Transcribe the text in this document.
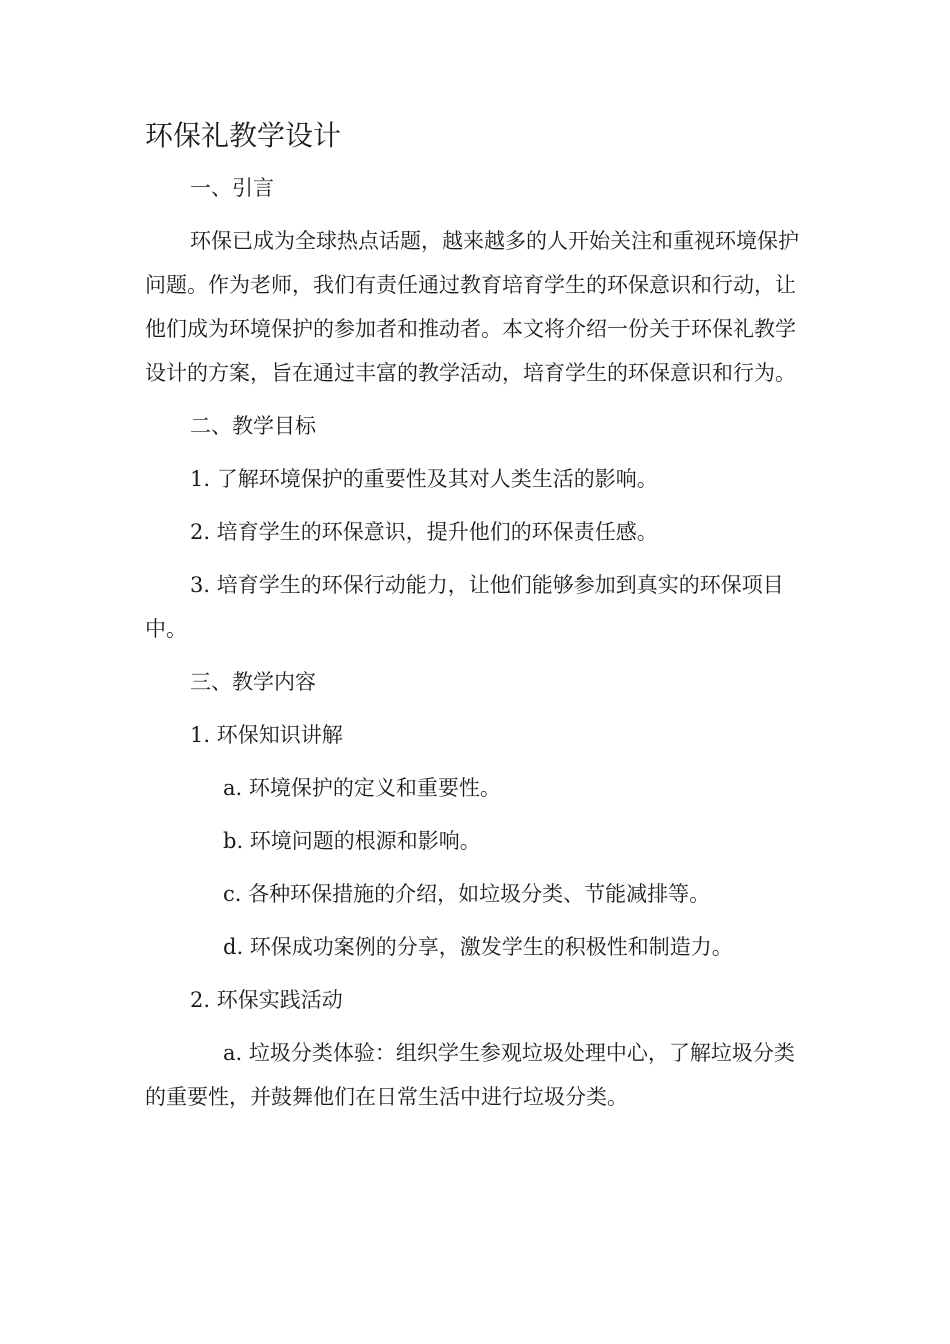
环保礼教学设计

一、引言

环保已成为全球热点话题，越来越多的人开始关注和重视环境保护问题。作为老师，我们有责任通过教育培育学生的环保意识和行动，让他们成为环境保护的参加者和推动者。本文将介绍一份关于环保礼教学设计的方案，旨在通过丰富的教学活动，培育学生的环保意识和行为。

二、教学目标

1. 了解环境保护的重要性及其对人类生活的影响。

2. 培育学生的环保意识，提升他们的环保责任感。

3. 培育学生的环保行动能力，让他们能够参加到真实的环保项目中。

三、教学内容

1. 环保知识讲解

a. 环境保护的定义和重要性。

b. 环境问题的根源和影响。

c. 各种环保措施的介绍，如垃圾分类、节能减排等。

d. 环保成功案例的分享，激发学生的积极性和制造力。

2. 环保实践活动

a. 垃圾分类体验：组织学生参观垃圾处理中心，了解垃圾分类的重要性，并鼓舞他们在日常生活中进行垃圾分类。
